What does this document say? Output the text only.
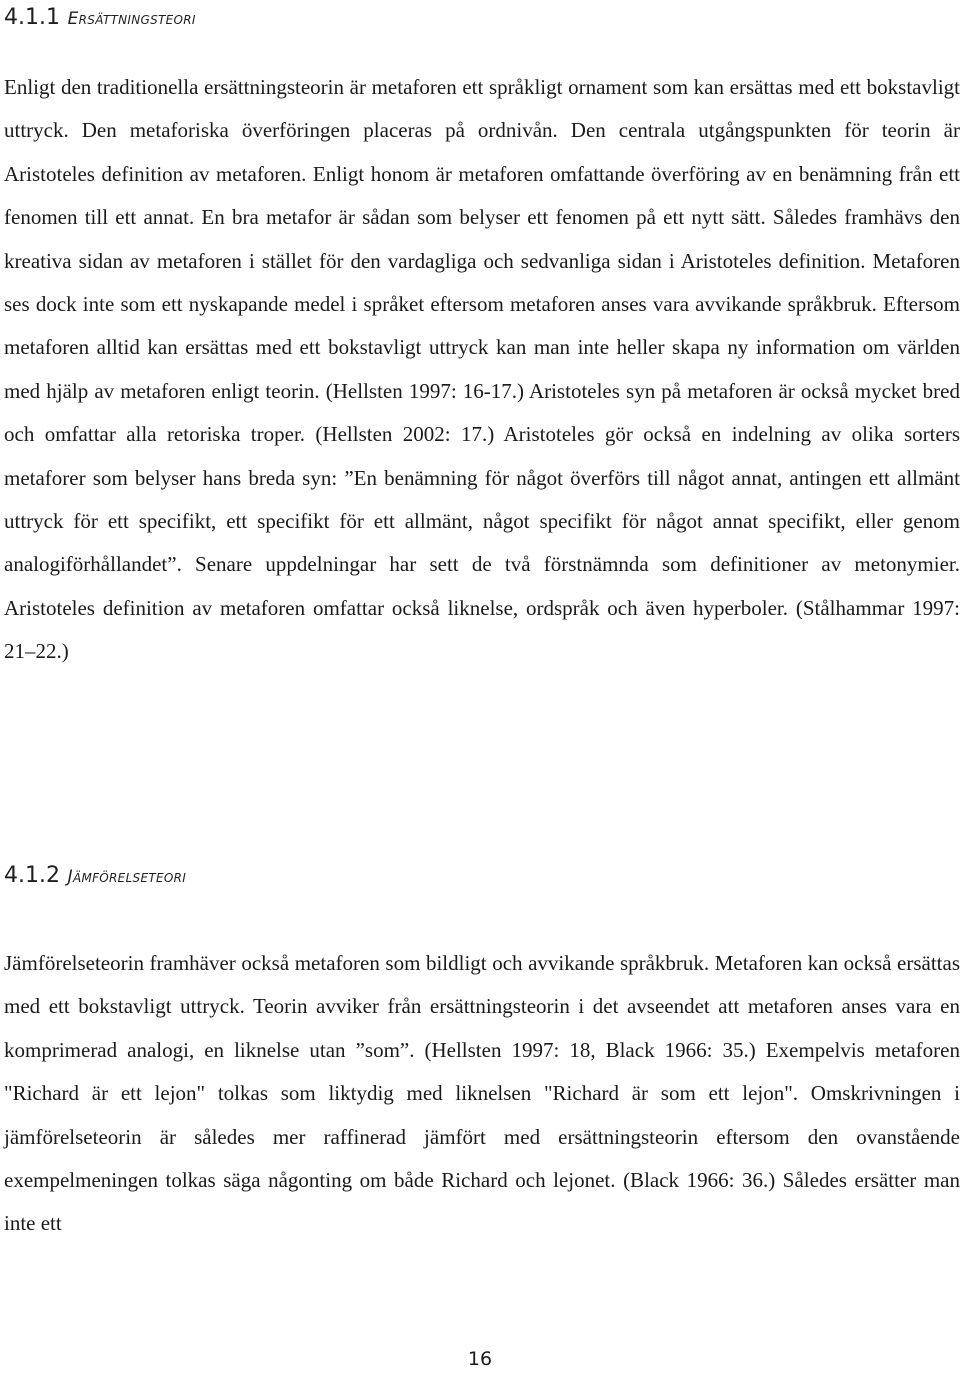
4.1.1 Ersättningsteori

Enligt den traditionella ersättningsteorin är metaforen ett språkligt ornament som kan ersättas med ett bokstavligt uttryck. Den metaforiska överföringen placeras på ordnivån. Den centrala utgångspunkten för teorin är Aristoteles definition av metaforen. Enligt honom är metaforen omfattande överföring av en benämning från ett fenomen till ett annat. En bra metafor är sådan som belyser ett fenomen på ett nytt sätt. Således framhävs den kreativa sidan av metaforen i stället för den vardagliga och sedvanliga sidan i Aristoteles definition. Metaforen ses dock inte som ett nyskapande medel i språket eftersom metaforen anses vara avvikande språkbruk. Eftersom metaforen alltid kan ersättas med ett bokstavligt uttryck kan man inte heller skapa ny information om världen med hjälp av metaforen enligt teorin. (Hellsten 1997: 16-17.) Aristoteles syn på metaforen är också mycket bred och omfattar alla retoriska troper. (Hellsten 2002: 17.) Aristoteles gör också en indelning av olika sorters metaforer som belyser hans breda syn: ”En benämning för något överförs till något annat, antingen ett allmänt uttryck för ett specifikt, ett specifikt för ett allmänt, något specifikt för något annat specifikt, eller genom analogiförhållandet”. Senare uppdelningar har sett de två förstnämnda som definitioner av metonymier. Aristoteles definition av metaforen omfattar också liknelse, ordspråk och även hyperboler. (Stålhammar 1997: 21–22.)

4.1.2 Jämförelseteori

Jämförelseteorin framhäver också metaforen som bildligt och avvikande språkbruk. Metaforen kan också ersättas med ett bokstavligt uttryck. Teorin avviker från ersättningsteorin i det avseendet att metaforen anses vara en komprimerad analogi, en liknelse utan ”som”. (Hellsten 1997: 18, Black 1966: 35.) Exempelvis metaforen "Richard är ett lejon" tolkas som liktydig med liknelsen "Richard är som ett lejon". Omskrivningen i jämförelseteorin är således mer raffinerad jämfört med ersättningsteorin eftersom den ovanstående exempelmeningen tolkas säga någonting om både Richard och lejonet. (Black 1966: 36.) Således ersätter man inte ett

16
